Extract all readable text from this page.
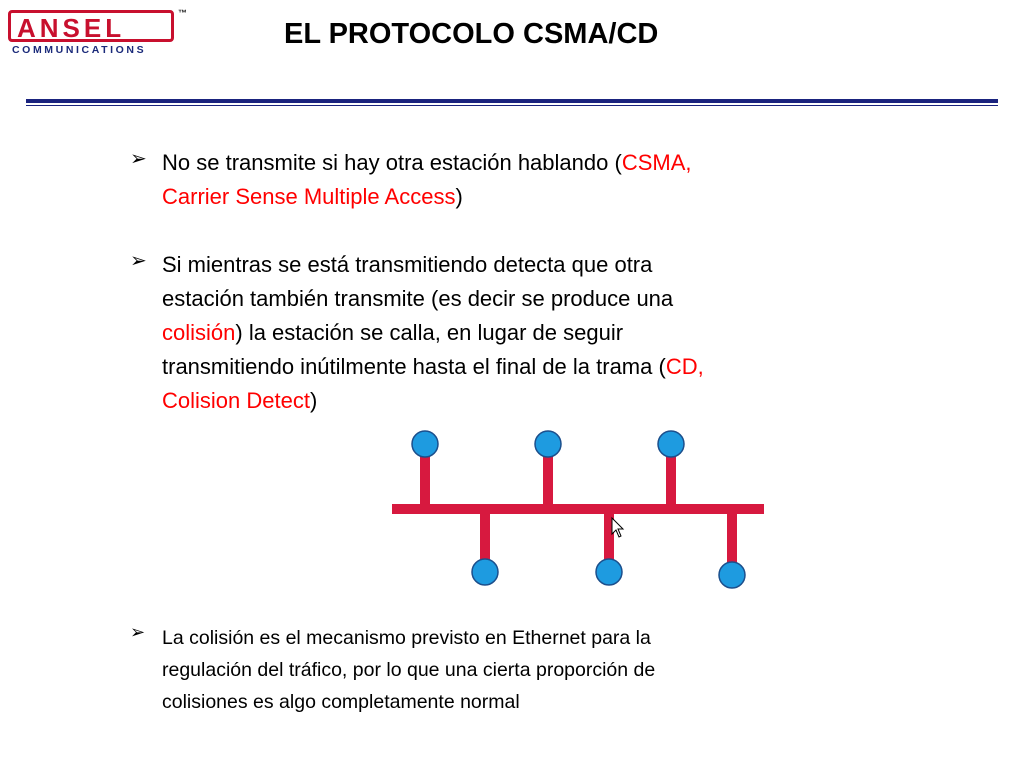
ANSEL	™
COMMUNICATIONS	EL PROTOCOLO CSMA/CD
➢ No se transmite si hay otra estación hablando (CSMA,
Carrier Sense Multiple Access)
➢ Si mientras se está transmitiendo detecta que otra
estación también transmite (es decir se produce una
colisión) la estación se calla, en lugar de seguir
transmitiendo inútilmente hasta el final de la trama (CD,
Colision Detect)
➢ La colisión es el mecanismo previsto en Ethernet para la
regulación del tráfico, por lo que una cierta proporción de
colisiones es algo completamente normal
